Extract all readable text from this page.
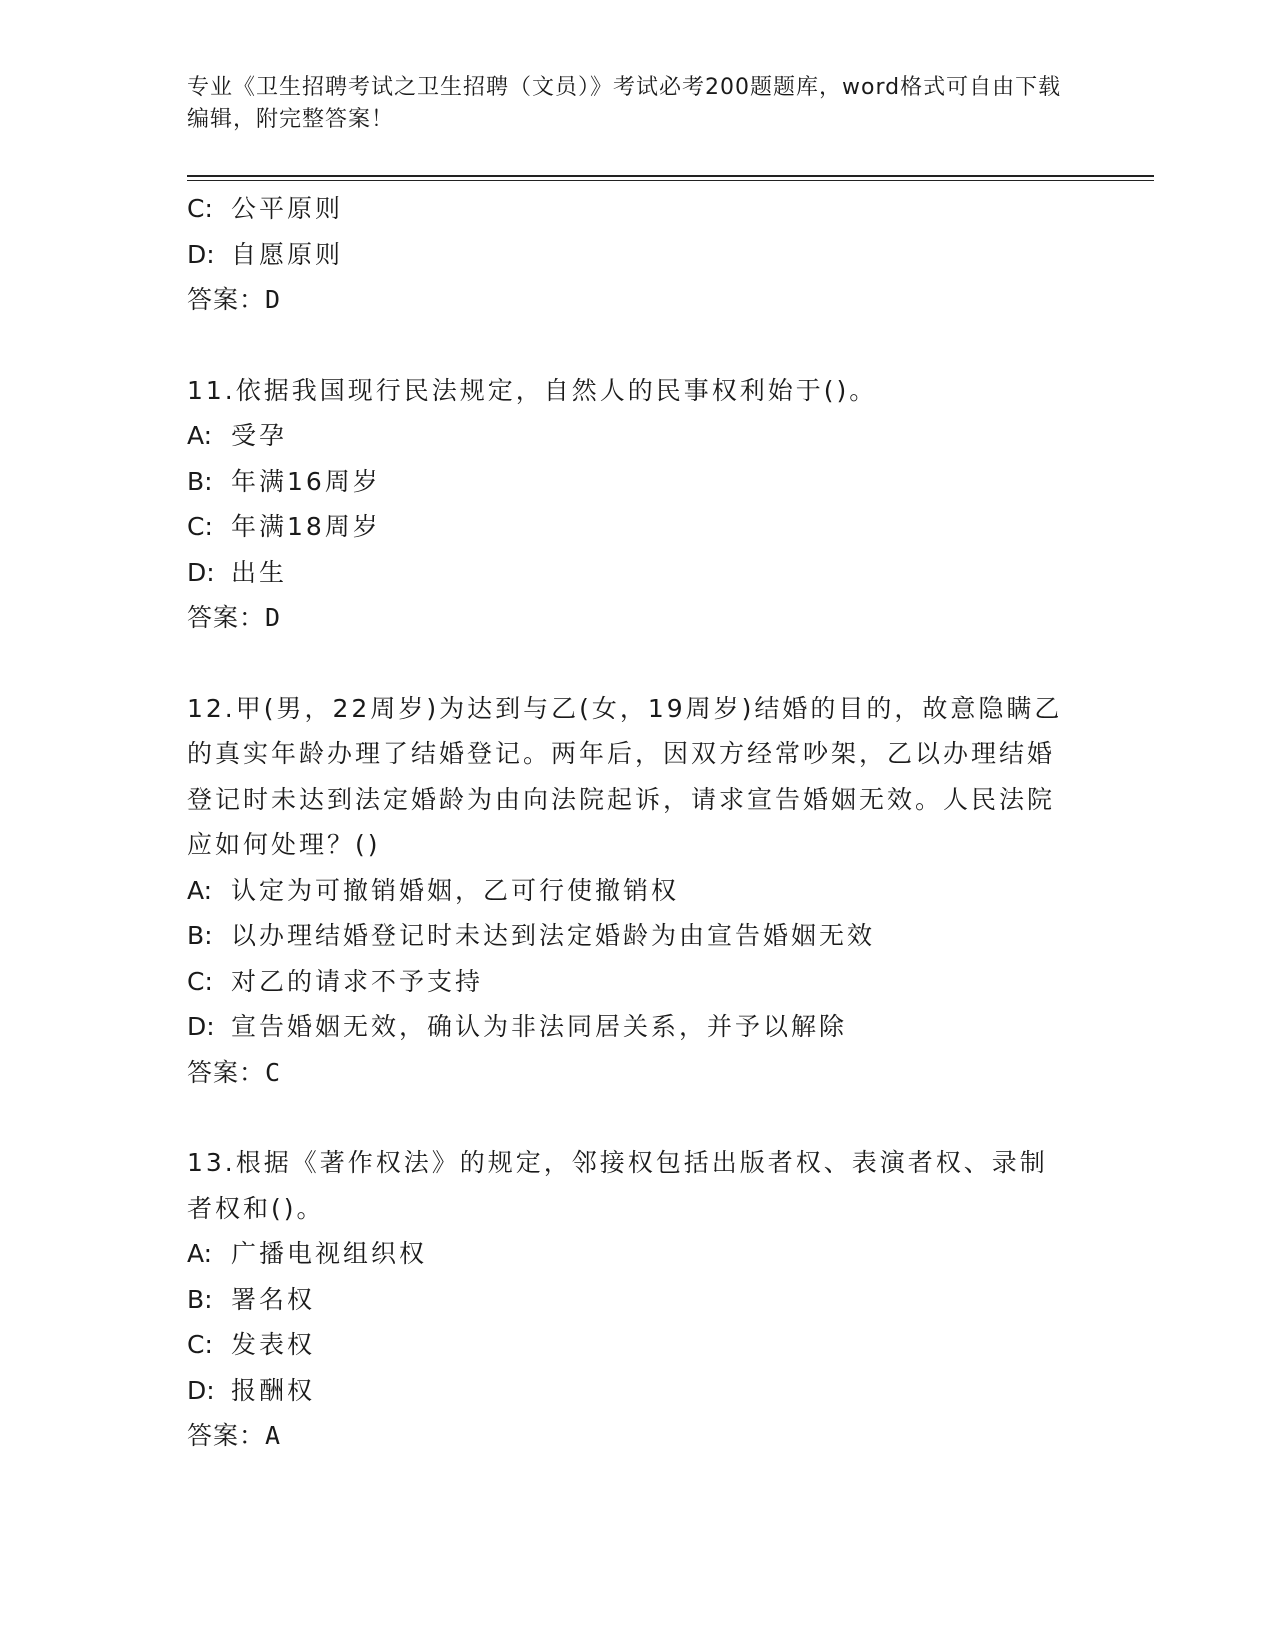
专业《卫生招聘考试之卫生招聘（文员）》考试必考200题题库，word格式可自由下载编辑，附完整答案！
C: 公平原则
D: 自愿原则
答案：D
11.依据我国现行民法规定，自然人的民事权利始于()。
A: 受孕
B: 年满16周岁
C: 年满18周岁
D: 出生
答案：D
12.甲(男，22周岁)为达到与乙(女，19周岁)结婚的目的，故意隐瞒乙的真实年龄办理了结婚登记。两年后，因双方经常吵架，乙以办理结婚登记时未达到法定婚龄为由向法院起诉，请求宣告婚姻无效。人民法院应如何处理？()
A: 认定为可撤销婚姻，乙可行使撤销权
B: 以办理结婚登记时未达到法定婚龄为由宣告婚姻无效
C: 对乙的请求不予支持
D: 宣告婚姻无效，确认为非法同居关系，并予以解除
答案：C
13.根据《著作权法》的规定，邻接权包括出版者权、表演者权、录制者权和()。
A: 广播电视组织权
B: 署名权
C: 发表权
D: 报酬权
答案：A
